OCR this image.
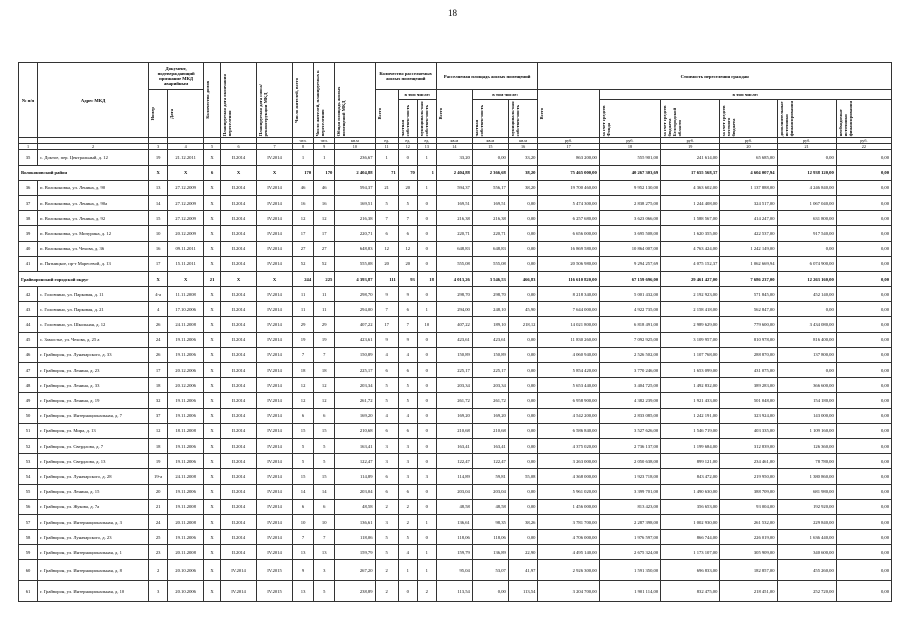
18
№ п/п	Адрес МКД	Документ, подтверждающий признание МКД аварийным		Количество домов	Планируемая дата окончания переселения	Планируемая дата сноса/ реконструкции МКД	Число жителей, всего	Число жителей, планируемых к переселению	Общая площадь жилых помещений МКД	Количество расселяемых жилых помещений			Расселяемая площадь жилых помещений			Стоимость переселения граждан					

		Номер	Дата							Всего	в том числе:		Всего	в том числе:		Всего	в том числе:				

											частная собствен-ность	муниципаль-ная собствен-ность		частная собствен-ность	муниципаль-ная собствен-ность		за счет средств Фонда	за счет средств бюджета Белгородской области	за счет средств местного бюджета	дополнительные источники финансирования	необходимые источники финансирования

							чел.	чел.	кв.м	ед.	ед.	ед.	кв.м	кв.м	кв.м	руб.	руб.	руб.	руб.	руб.	руб.
1	2	3	4	5	6	7	8	9	10	11	12	13	14	15	16	17	18	19	20	21	22
35	с. Доктое, пер. Центральный, д. 12	19	21.12.2011	X	II.2014	IV.2014	1	1	236,67	1	0	1	33,20	0,00	33,20	863 200,00	555 901,00	241 614,00	65 685,00	0,00	0,00
Волоконовский район		X	X	6	X	X	170	170	2 404,88	71	70	1	2 404,88	2 366,68	38,20	75 465 000,00	40 267 303,69	17 655 568,37	4 604 007,94	12 938 120,00	0,00
36	п. Волоконовка, ул. Ленина, д. 90	13	27.12.2009	X	II.2014	IV.2014	46	46	594,37	21	20	1	594,37	556,17	38,20	19 700 460,00	9 952 130,00	4 363 602,00	1 137 888,00	4 246 840,00	0,00
37	п. Волоконовка, ул. Ленина, д. 90а	14	27.12.2009	X	II.2014	IV.2014	16	16	169,51	5	5	0	169,51	169,51	0,00	5 474 300,00	2 838 275,00	1 244 408,00	324 517,00	1 067 040,00	0,00
38	п. Волоконовка, ул. Ленина, д. 92	15	27.12.2009	X	II.2014	IV.2014	12	12	216,38	7	7	0	216,38	216,38	0,00	6 257 680,00	3 623 066,00	1 588 567,00	414 247,00	631 800,00	0,00
39	п. Волоконовка, ул. Мичурина, д. 12	10	20.12.2009	X	II.2014	IV.2014	17	17	220,71	6	6	0	220,71	220,71	0,00	6 656 000,00	3 695 508,00	1 620 355,00	422 537,00	917 540,00	0,00
40	п. Волоконовка, ул. Чехова, д. 36	16	09.11.2011	X	II.2014	IV.2014	27	27	648,83	12	12	0	648,83	648,83	0,00	16 869 580,00	10 864 007,00	4 763 424,00	1 242 149,00	0,00	0,00
41	п. Пятницкое, пр-т Маресевой, д. 13	17	15.11.2011	X	II.2014	IV.2014	52	52	555,08	20	20	0	555,08	555,08	0,00	20 506 980,00	9 294 257,69	4 075 152,37	1 062 669,94	6 074 900,00	0,00
Грайворонский городской округ		X	X	21	X	X	244	225	4 393,87	111	93	18	4 013,26	3 546,53	466,83	116 610 820,00	67 159 696,00	29 461 427,00	7 686 237,00	12 263 160,00	0,00
42	с. Головчино, ул. Парковая, д. 11	4-а	11.11.2008	X	II.2014	IV.2014	11	11	298,70	9	9	0	298,70	298,70	0,00	8 218 340,00	5 001 432,00	2 192 923,00	571 845,00	452 140,00	0,00
43	с. Головчино, ул. Парковая, д. 21	4	17.10.2006	X	II.2014	IV.2014	11	11	294,00	7	6	1	294,00	248,10	45,90	7 644 000,00	4 922 735,00	2 158 418,00	562 847,00	0,00	0,00
44	с. Головчино, ул. Школьная, д. 12	26	24.11.2008	X	II.2014	IV.2014	29	29	407,22	17	7	10	407,22	189,10	218,12	14 021 800,00	6 818 491,00	2 989 629,00	779 600,00	3 434 080,00	0,00
45	с. Замостье, ул. Чехова, д. 25 а	24	19.11.2006	X	II.2014	IV.2014	19	19	423,61	9	9	0	423,61	423,61	0,00	11 830 260,00	7 092 925,00	3 109 957,00	810 978,00	816 400,00	0,00
46	г. Грайворон, ул. Луначарского, д. 33	26	19.11.2006	X	II.2014	IV.2014	7	7	150,89	4	4	0	150,89	150,89	0,00	4 060 940,00	2 526 502,00	1 107 768,00	288 870,00	137 800,00	0,00
47	г. Грайворон, ул. Ленина, д. 23	17	20.12.2006	X	II.2014	IV.2014	18	18	225,17	6	6	0	225,17	225,17	0,00	5 854 420,00	3 770 246,00	1 653 099,00	431 075,00	0,00	0,00
48	г. Грайворон, ул. Ленина, д. 33	18	20.12.2006	X	II.2014	IV.2014	12	12	203,34	5	5	0	203,34	203,34	0,00	5 653 440,00	3 404 725,00	1 492 832,00	389 283,00	366 600,00	0,00
49	г. Грайворон, ул. Ленина, д. 19	32	19.11.2006	X	II.2014	IV.2014	12	12	261,72	5	5	0	261,72	261,72	0,00	6 958 900,00	4 382 239,00	1 921 433,00	501 048,00	154 180,00	0,00
50	г. Грайворон, ул. Интернациональная, д. 7	37	19.11.2006	X	II.2014	IV.2014	6	6	169,20	4	4	0	169,20	169,20	0,00	4 542 200,00	2 833 085,00	1 242 191,00	323 924,00	143 000,00	0,00
51	г. Грайворон, ул. Мира, д. 13	12	18.11.2008	X	II.2014	IV.2014	15	15	210,68	6	6	0	210,68	210,68	0,00	6 586 840,00	3 527 626,00	1 546 719,00	403 335,00	1 109 160,00	0,00
52	г. Грайворон, ул. Свердлова, д. 7	18	19.11.2006	X	II.2014	IV.2014	5	5	163,41	3	3	0	163,41	163,41	0,00	4 375 020,00	2 736 137,00	1 199 684,00	312 839,00	126 360,00	0,00
53	г. Грайворон, ул. Свердлова, д. 13	19	19.11.2006	X	II.2014	IV.2014	5	5	122,47	3	3	0	122,47	122,47	0,00	3 263 000,00	2 050 638,00	899 121,00	234 461,00	78 780,00	0,00
54	г. Грайворон, ул. Луначарского, д. 28	19-а	24.11.2008	X	II.2014	IV.2014	15	15	114,89	6	3	3	114,89	59,81	55,08	4 368 000,00	1 923 718,00	843 472,00	219 950,00	1 380 860,00	0,00
55	г. Грайворон, ул. Ленина, д. 15	20	19.11.2006	X	II.2014	IV.2014	14	14	203,04	6	6	0	203,04	203,04	0,00	5 961 020,00	3 399 701,00	1 490 630,00	388 709,00	681 980,00	0,00
56	г. Грайворон, ул. Жукова, д. 7а	21	19.11.2008	X	II.2014	IV.2014	6	6	48,58	2	2	0	48,58	48,58	0,00	1 456 000,00	813 423,00	356 653,00	93 004,00	192 920,00	0,00
57	г. Грайворон, ул. Интернациональная, д. 3	24	20.11.2008	X	II.2014	IV.2014	10	10	136,61	3	2	1	136,61	98,35	38,26	3 781 700,00	2 287 398,00	1 002 930,00	261 532,00	229 840,00	0,00
58	г. Грайворон, ул. Луначарского, д. 23	25	19.11.2006	X	II.2014	IV.2014	7	7	118,06	5	5	0	118,06	118,06	0,00	4 706 000,00	1 976 597,00	866 744,00	226 019,00	1 636 440,00	0,00
59	г. Грайворон, ул. Интернациональная, д. 1	23	20.11.2008	X	II.2014	IV.2014	13	13	159,79	5	4	1	159,79	136,89	22,90	4 495 140,00	2 675 324,00	1 173 107,00	305 909,00	340 600,00	0,00
60	г. Грайворон, ул. Интернациональная, д. 8	2	20.10.2006	X	IV.2014	IV.2015	9	3	267,20	2	1	1	95,04	53,07	41,97	2 926 300,00	1 591 350,00	696 833,00	182 857,00	455 260,00	0,00
61	г. Грайворон, ул. Интернациональная, д. 10	3	20.10.2006	X	IV.2014	IV.2015	13	5	238,89	2	0	2	113,54	0,00	113,54	3 204 700,00	1 901 114,00	832 475,00	218 451,00	252 720,00	0,00
